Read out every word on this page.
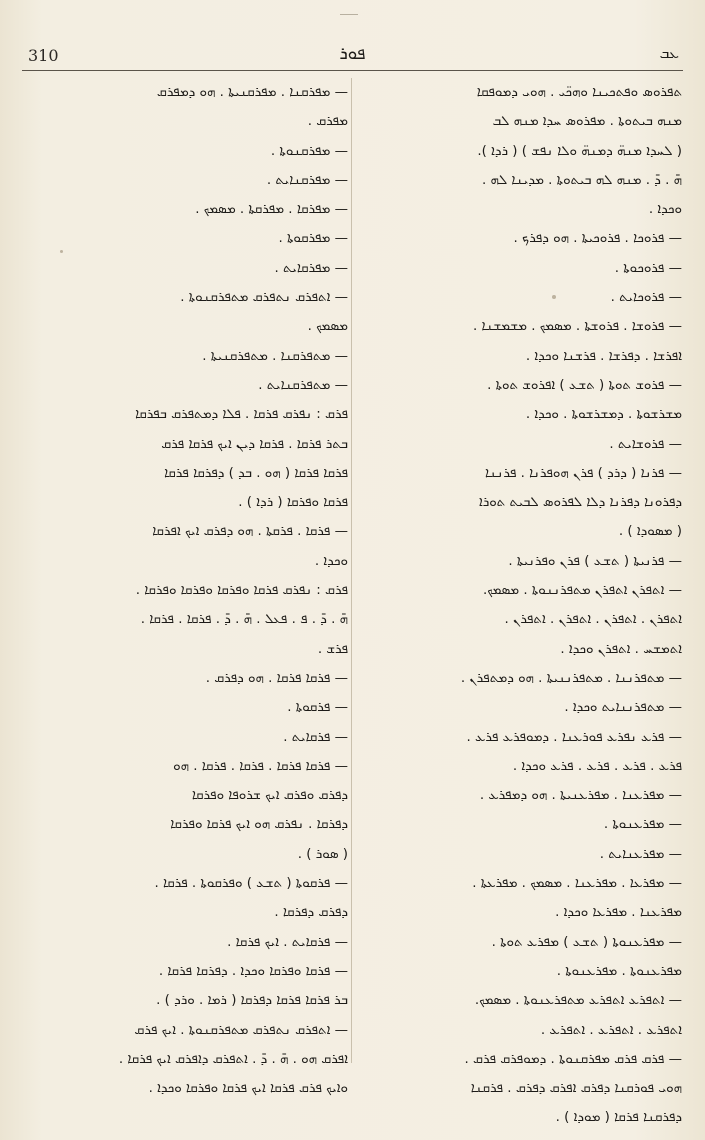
310	ܦܘܪ	ܥܒ
ܬܦܪܘܣ ܘܦܬܟܝܢܐ ܘܗܟ̈ܝ . ܗܘܝ ܕܡܘܦܩܐ
ܡܢܗ ܒܝܬܘܬܐ . ܡܦܪܘܣ ܚܕܐ ܡܢܗ ܠܒ
( ܠܚܕܐ ܡܢܗ̈ ܕܡܢܗ̈ ܘܠܐ ܢܦܫ ) ( ܪܕܐ ).
ܗ̄ . ܕ̄ . ܡܢܗ ܠܗ ܒܝܬܘܬܐ . ܡܕܝܢܐ ܠܗ .
ܘܟܕܐ .
— ܦܪܘܟܐ . ܦܪܘܟܝܬܐ . ܗܘ ܕܦܪܟ .
— ܦܪܘܟܘܬܐ .
— ܦܪܘܟܐܝܬ .
— ܦܪܘܫܐ . ܦܪܘܫܬܐ . ܡܣܡܟ . ܡܫܡܫܢܐ .
ܐܦܪܫܐ . ܕܦܪܫܐ . ܦܪܫܢܐ ܘܟܕܐ .
— ܦܪܘܫ ܬܘܬܐ ( ܬܫܥ ) ܐܦܪܘܫ ܬܘܬܐ .
ܡܫܪܫܘܬܐ . ܕܡܫܪܫܘܬܐ . ܘܟܕܐ .
— ܦܪܘܫܐܝܬ .
— ܦܪܢܐ ( ܕܪܕ ) ܦܪܢ ܗܘܦܪܢܐ . ܦܪܢܢܐ
ܕܦܪܘܢܐ ܕܦܪܢܐ ܕܠܐ ܠܦܪܘܣ ܠܒܝܬ ܬܘܪܐ
( ܡܣܘܕܐ ) .
— ܦܪܢܝܬܐ ( ܬܫܥ ) ܦܪܢ ܘܦܪܢܝܬܐ .
— ܐܬܦܪܢ ܐܬܦܪܢ ܡܬܦܪܢܢܘܬܐ . ܡܣܡܟ.
ܐܬܦܪܢ . ܐܬܦܪܢ . ܐܬܦܪܢ . ܐܬܦܪܢ .
ܐܬܡܫܚ . ܐܬܦܪܢ ܘܟܕܐ .
— ܡܬܦܪܢܢܐ . ܡܬܦܪܢܢܝܬܐ . ܗܘ ܕܡܬܦܪܢ .
— ܡܬܦܪܢܢܐܝܬ ܘܟܕܐ .
— ܦܪܥ ܢܦܪܥ ܦܘܪܥܢܐ . ܕܡܘܦܪܥ ܦܪܥ .
ܦܪܥ . ܦܪܥ . ܦܪܥ . ܦܪܥ ܘܟܕܐ .
— ܡܦܪܥܢܐ . ܡܦܪܥܢܝܬܐ . ܗܘ ܕܡܦܪܥ .
— ܡܦܪܥܢܘܬܐ .
— ܡܦܪܥܢܐܝܬ .
— ܡܦܪܥܐ . ܡܦܪܥܢܐ . ܡܣܡܟ . ܡܦܪܥܬܐ .
ܡܦܪܥܢܐ . ܡܦܪܥܐ ܘܟܕܐ .
— ܡܦܪܥܢܘܬܐ ( ܬܫܥ ) ܡܦܪܥ ܬܘܬܐ .
ܡܦܪܥܢܘܬܐ . ܡܦܪܥܢܘܬܐ .
— ܐܬܦܪܥ ܐܬܦܪܥ ܡܬܦܪܥܢܘܬܐ . ܡܣܡܟ.
ܐܬܦܪܥ . ܐܬܦܪܥ . ܐܬܦܪܥ .
— ܦܪܩ ܦܪܩ ܡܦܪܩܢܘܬܐ . ܕܡܘܦܪܩ ܦܪܩ .
ܗܘܝ ܦܘܪܩܢܐ ܕܦܪܩ ܐܦܪܩ ܕܦܪܩ . ܦܪܩܢܐ
ܕܦܪܩܢܐ ܦܪܩܐ ( ܡܘܕܐ ) .
— ܡܦܪܩܢܐ . ܡܦܪܩܢܝܬܐ . ܗܘ ܕܡܦܪܩ
ܡܦܪܩ .
— ܡܦܪܩܢܘܬܐ .
— ܡܦܪܩܢܐܝܬ .
— ܡܦܪܩܐ . ܡܦܪܩܬܐ . ܡܣܡܟ .
— ܡܦܪܩܘܬܐ .
— ܡܦܪܩܐܝܬ .
— ܐܬܦܪܩ ܢܬܦܪܩ ܡܬܦܪܩܢܘܬܐ .
ܡܣܡܟ .
— ܡܬܦܪܩܢܐ . ܡܬܦܪܩܢܝܬܐ .
— ܡܬܦܪܩܢܐܝܬ .
ܦܪܩ : ܢܦܪܩ ܦܪܩܐ . ܦܠܐ ܕܡܬܦܪܩ ܒܦܪܩܐ
ܒܬܪ ܦܪܩܐ . ܦܪܩܐ ܕܝܢ ܐܝܟ ܦܪܩܐ ܦܪܩ
ܦܪܩܐ ܦܪܩܐ ( ܗܘ . ܒܕ ) ܕܦܪܩܐ ܦܪܩܐ
ܦܪܩܐ ܘܦܪܩܐ ( ܪܕܐ ) .
— ܦܪܩܐ . ܦܪܩܬܐ . ܗܘ ܕܦܪܩ ܐܝܟ ܐܦܪܩܐ
ܘܟܕܐ .
ܦܪܩ : ܢܦܪܩ ܦܪܩܐ ܘܦܪܩܐ ܘܦܪܩܐ ܘܦܪܩܐ .
ܗ̄ . ܕ̄ . ܦ . ܦܥܠ . ܗ̄ . ܕ̄ . ܦܪܩܐ . ܦܪܩܐ .
ܦܪܫ .
— ܦܪܩܐ ܦܪܩܐ . ܗܘ ܕܦܪܩ .
— ܦܪܩܘܬܐ .
— ܦܪܩܐܝܬ .
— ܦܪܩܐ ܦܪܩܐ . ܦܪܩܐ . ܦܪܩܐ . ܗܘ
ܕܦܪܩ ܘܦܪܩ ܐܝܟ ܫܪܘܦܐ ܘܦܪܩܐ
ܕܦܪܩܐ . ܢܦܪܩ ܗܘ ܐܝܟ ܦܪܩܐ ܘܦܪܩܐ
( ܣܘܪ ) .
— ܦܪܩܘܬܐ ( ܬܫܥ ) ܘܦܪܩܘܬܐ . ܦܪܩܐ .
ܕܦܪܩ ܕܦܪܩܐ .
— ܦܪܩܐܝܬ . ܐܝܟ ܦܪܩܐ .
— ܦܪܩܐ ܘܦܪܩܐ ܘܟܕܐ . ܕܦܪܩܐ ܦܪܩܐ .
ܒܪ ܦܪܩܐ ܦܪܩܐ ܕܦܪܩܐ ( ܪܡܐ . ܘܪܕ ) .
— ܐܬܦܪܩ ܢܬܦܪܩ ܡܬܦܪܩܢܘܬܐ . ܐܝܟ ܦܪܩ
ܐܦܪܩ ܗܘ . ܗ̄ . ܕ̄ . ܐܬܦܪܩ ܕܐܦܪܩ ܐܝܟ ܦܪܩܐ .
ܘܐܝܟ ܦܪܩ ܦܪܩܐ ܐܝܟ ܦܪܩܐ ܘܦܪܩܐ ܘܟܕܐ .
